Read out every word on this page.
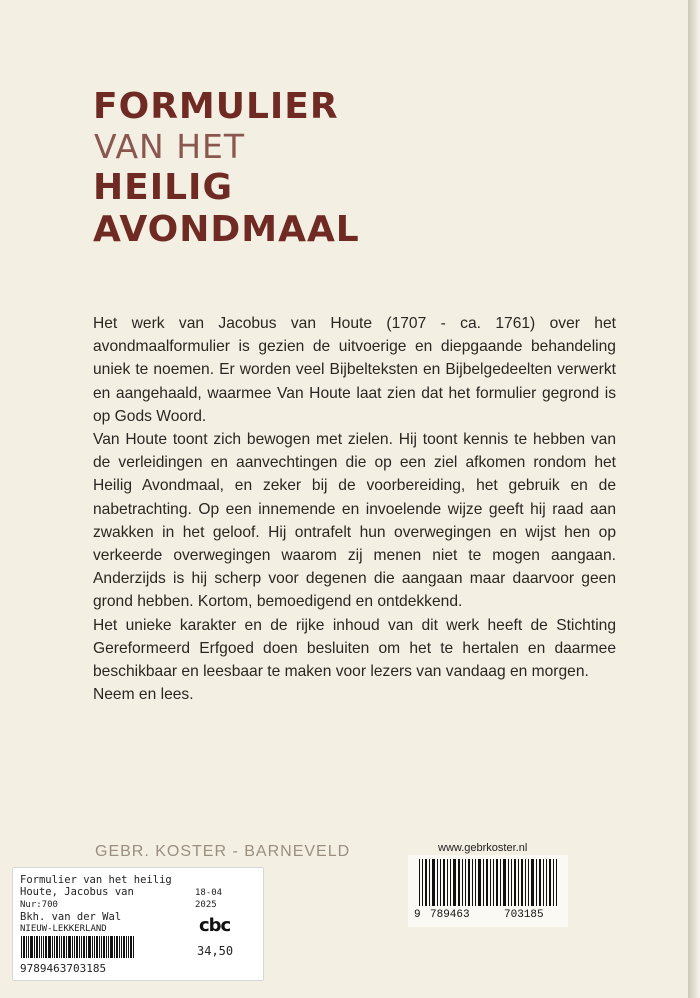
FORMULIER
VAN HET
HEILIG
AVONDMAAL

Het werk van Jacobus van Houte (1707 - ca. 1761) over het avondmaalformulier is gezien de uitvoerige en diepgaande behandeling uniek te noemen. Er worden veel Bijbelteksten en Bijbelgedeelten verwerkt en aangehaald, waarmee Van Houte laat zien dat het formulier gegrond is op Gods Woord.

Van Houte toont zich bewogen met zielen. Hij toont kennis te hebben van de verleidingen en aanvechtingen die op een ziel afkomen rondom het Heilig Avondmaal, en zeker bij de voorbereiding, het gebruik en de nabetrachting. Op een innemende en invoelende wijze geeft hij raad aan zwakken in het geloof. Hij ontrafelt hun overwegingen en wijst hen op verkeerde overwegingen waarom zij menen niet te mogen aangaan. Anderzijds is hij scherp voor degenen die aangaan maar daarvoor geen grond hebben. Kortom, bemoedigend en ontdekkend.

Het unieke karakter en de rijke inhoud van dit werk heeft de Stichting Gereformeerd Erfgoed doen besluiten om het te hertalen en daarmee beschikbaar en leesbaar te maken voor lezers van vandaag en morgen.

Neem en lees.

GEBR. KOSTER - BARNEVELD	www.gebrkoster.nl
9 789463	703185
Formulier van het heilig
Houte, Jacobus van	18-04
Nur:700	2025
Bkh. van der Wal	cbc
NIEUW-LEKKERLAND
34,50
9789463703185
